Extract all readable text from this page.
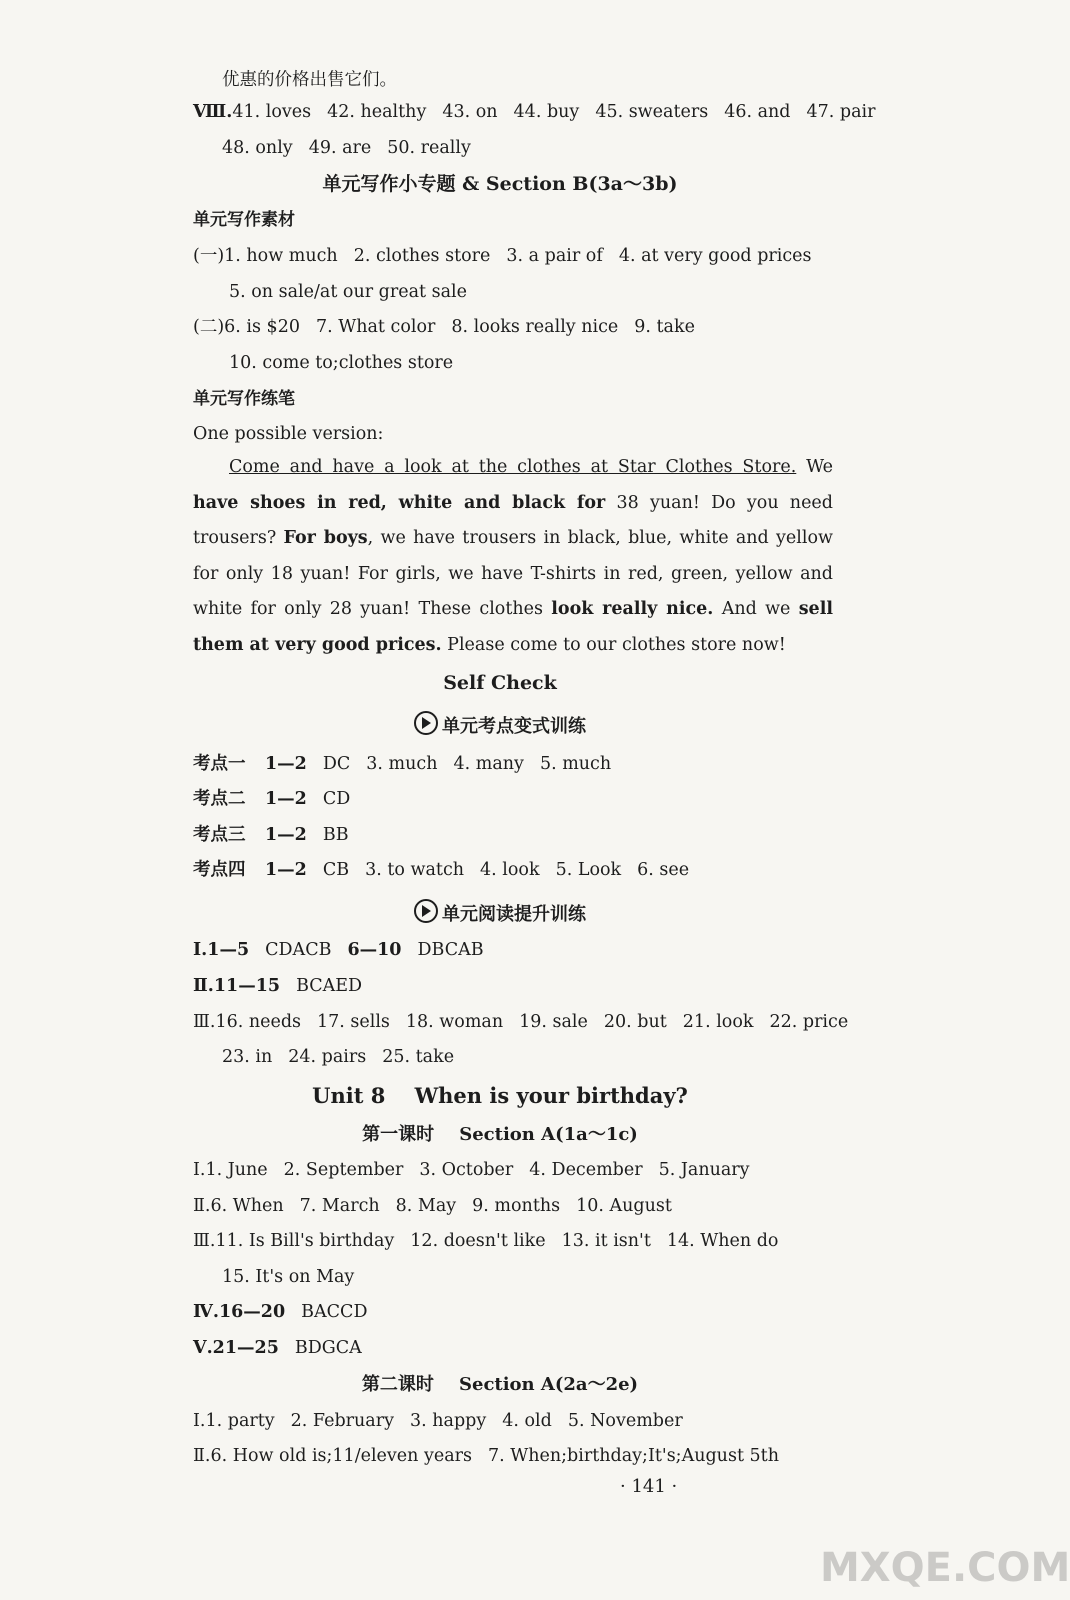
优惠的价格出售它们。
Ⅷ.41. loves 42. healthy 43. on 44. buy 45. sweaters 46. and 47. pair
48. only 49. are 50. really
单元写作小专题 & Section B(3a～3b)
单元写作素材
(一)1. how much 2. clothes store 3. a pair of 4. at very good prices
5. on sale/at our great sale
(二)6. is $20 7. What color 8. looks really nice 9. take
10. come to;clothes store
单元写作练笔
One possible version:
Come and have a look at the clothes at Star Clothes Store. We have shoes in red, white and black for 38 yuan! Do you need trousers? For boys, we have trousers in black, blue, white and yellow for only 18 yuan! For girls, we have T-shirts in red, green, yellow and white for only 28 yuan! These clothes look really nice. And we sell them at very good prices. Please come to our clothes store now!
Self Check
单元考点变式训练
考点一 1—2 DC 3. much 4. many 5. much
考点二 1—2 CD
考点三 1—2 BB
考点四 1—2 CB 3. to watch 4. look 5. Look 6. see
单元阅读提升训练
Ⅰ.1—5 CDACB 6—10 DBCAB
Ⅱ.11—15 BCAED
Ⅲ.16. needs 17. sells 18. woman 19. sale 20. but 21. look 22. price
23. in 24. pairs 25. take
Unit 8    When is your birthday?
第一课时    Section A(1a～1c)
Ⅰ.1. June 2. September 3. October 4. December 5. January
Ⅱ.6. When 7. March 8. May 9. months 10. August
Ⅲ.11. Is Bill's birthday 12. doesn't like 13. it isn't 14. When do
15. It's on May
Ⅳ.16—20 BACCD
Ⅴ.21—25 BDGCA
第二课时    Section A(2a～2e)
Ⅰ.1. party 2. February 3. happy 4. old 5. November
Ⅱ.6. How old is;11/eleven years 7. When;birthday;It's;August 5th
· 141 ·
MXQE.COM
